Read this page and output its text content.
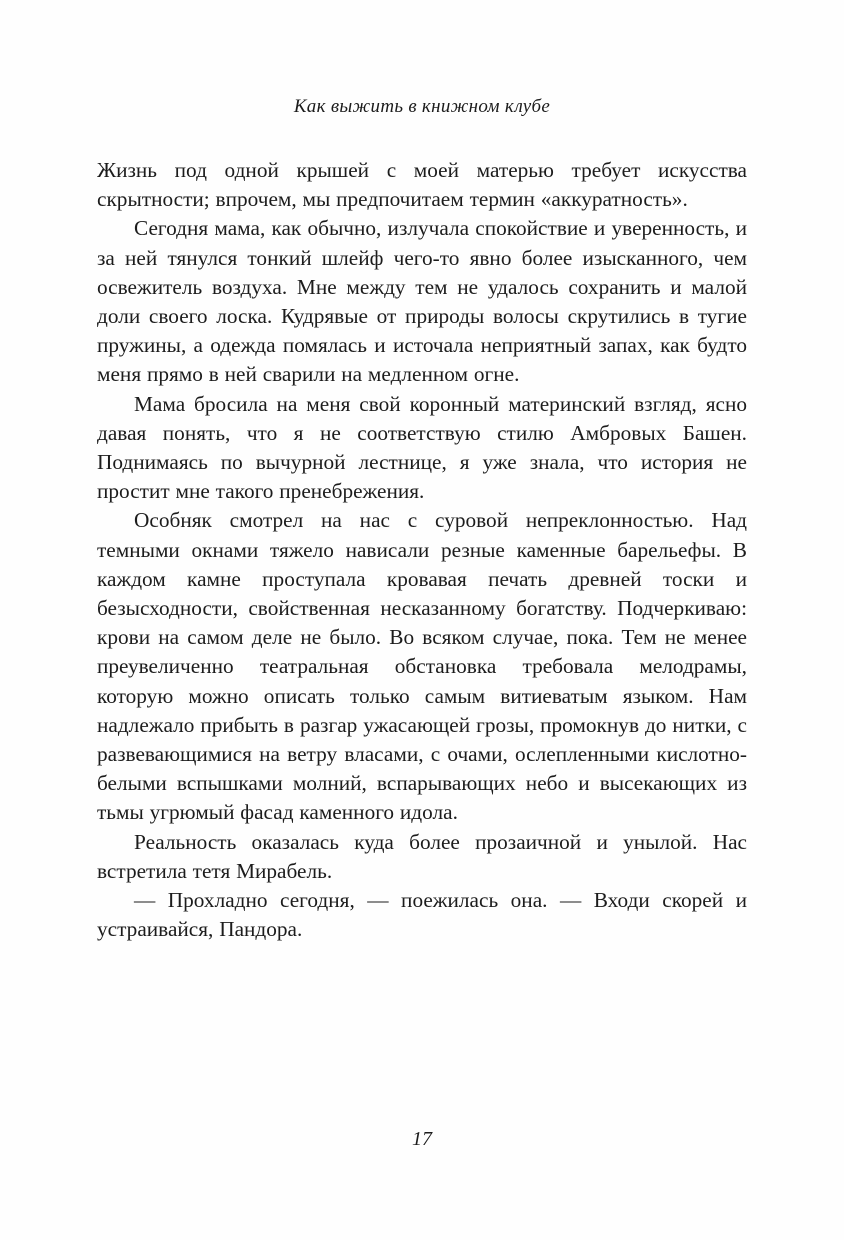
Как выжить в книжном клубе

Жизнь под одной крышей с моей матерью требует искусства скрытности; впрочем, мы предпочитаем термин «аккуратность».

Сегодня мама, как обычно, излучала спокойствие и уверенность, и за ней тянулся тонкий шлейф чего-то явно более изысканного, чем освежитель воздуха. Мне между тем не удалось сохранить и малой доли своего лоска. Кудрявые от природы волосы скрутились в тугие пружины, а одежда помялась и источала неприятный запах, как будто меня прямо в ней сварили на медленном огне.

Мама бросила на меня свой коронный материнский взгляд, ясно давая понять, что я не соответствую стилю Амбровых Башен. Поднимаясь по вычурной лестнице, я уже знала, что история не простит мне такого пренебрежения.

Особняк смотрел на нас с суровой непреклонностью. Над темными окнами тяжело нависали резные каменные барельефы. В каждом камне проступала кровавая печать древней тоски и безысходности, свойственная несказанному богатству. Подчеркиваю: крови на самом деле не было. Во всяком случае, пока. Тем не менее преувеличенно театральная обстановка требовала мелодрамы, которую можно описать только самым витиеватым языком. Нам надлежало прибыть в разгар ужасающей грозы, промокнув до нитки, с развевающимися на ветру власами, с очами, ослепленными кислотно-белыми вспышками молний, вспарывающих небо и высекающих из тьмы угрюмый фасад каменного идола.

Реальность оказалась куда более прозаичной и унылой. Нас встретила тетя Мирабель.

— Прохладно сегодня, — поежилась она. — Входи скорей и устраивайся, Пандора.

17
